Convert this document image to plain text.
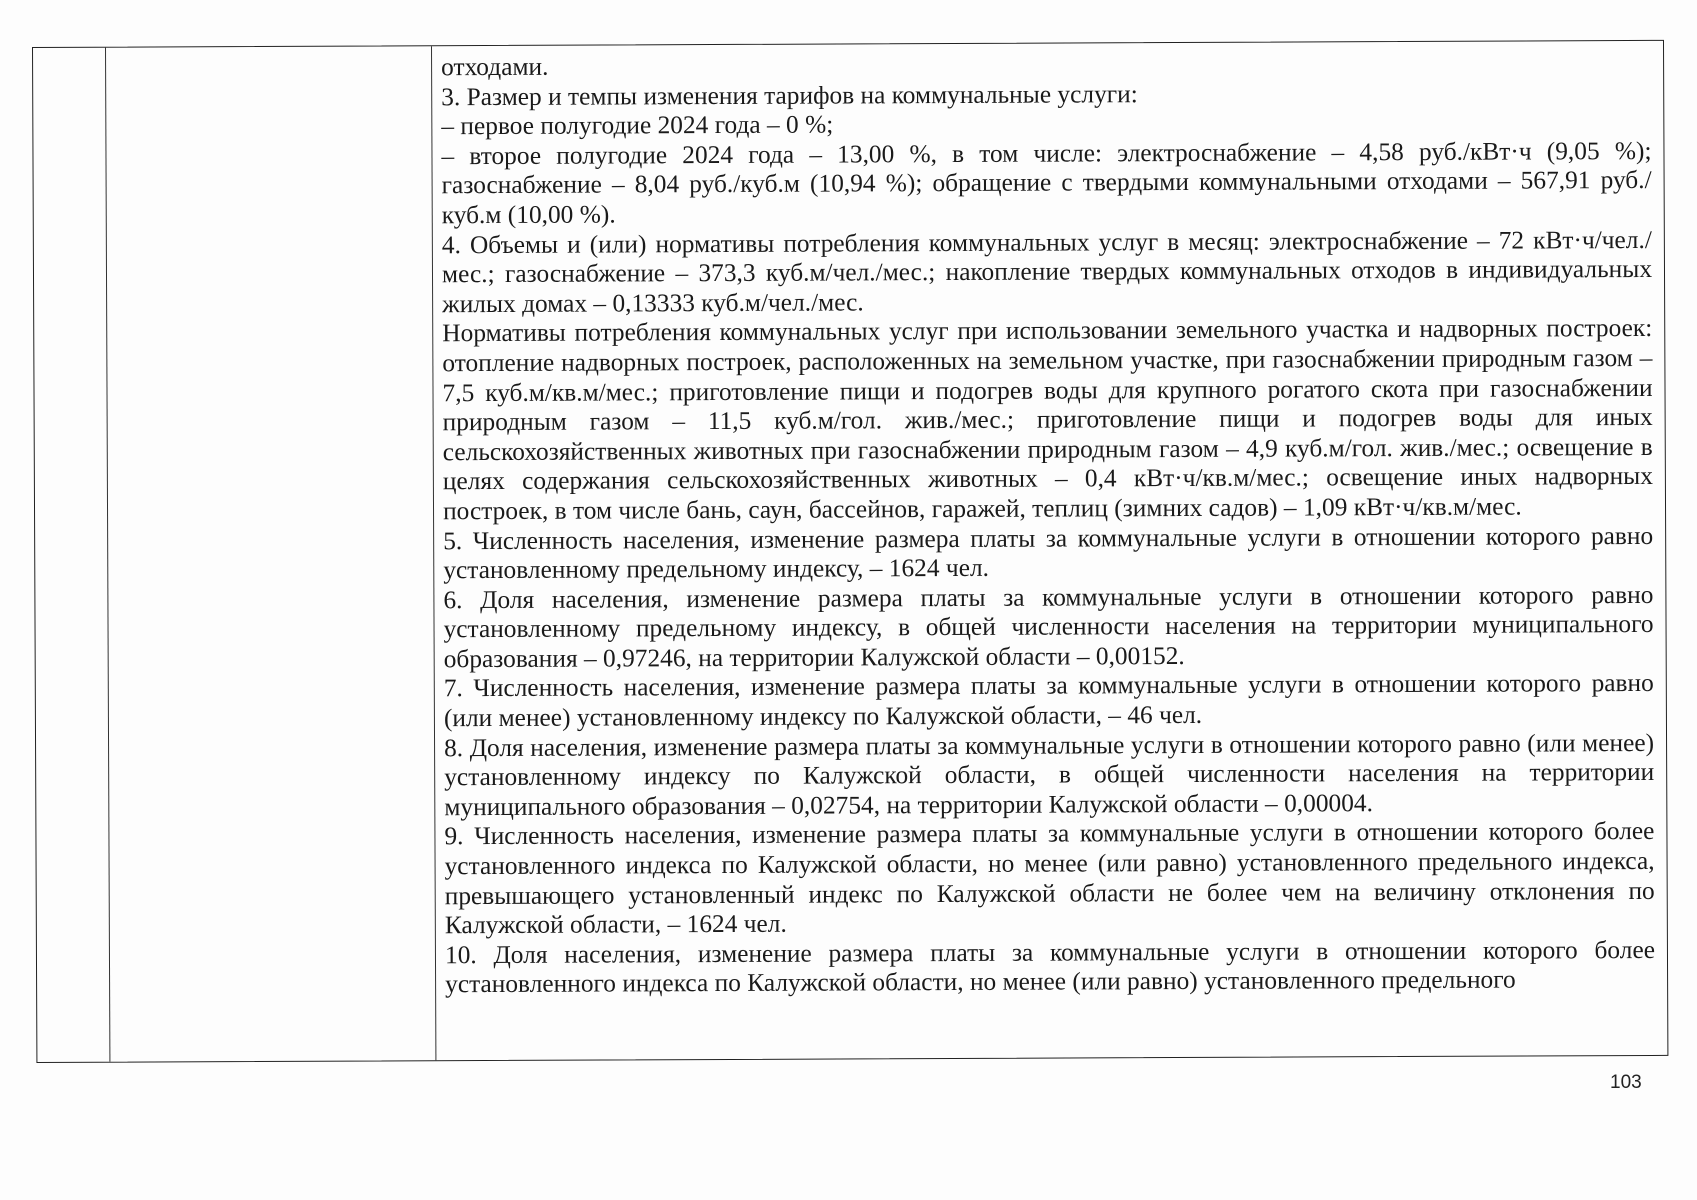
отходами.

3. Размер и темпы изменения тарифов на коммунальные услуги:

– первое полугодие 2024 года – 0 %;

– второе полугодие 2024 года – 13,00 %, в том числе: электроснабжение – 4,58 руб./кВт·ч (9,05 %); газоснабжение – 8,04 руб./куб.м (10,94 %); обращение с твердыми коммунальными отходами – 567,91 руб./куб.м (10,00 %).

4. Объемы и (или) нормативы потребления коммунальных услуг в месяц: электроснабжение – 72 кВт·ч/чел./мес.; газоснабжение – 373,3 куб.м/чел./мес.; накопление твердых коммунальных отходов в индивидуальных жилых домах – 0,13333 куб.м/чел./мес.

Нормативы потребления коммунальных услуг при использовании земельного участка и надворных построек: отопление надворных построек, расположенных на земельном участке, при газоснабжении природным газом – 7,5 куб.м/кв.м/мес.; приготовление пищи и подогрев воды для крупного рогатого скота при газоснабжении природным газом – 11,5 куб.м/гол. жив./мес.; приготовление пищи и подогрев воды для иных сельскохозяйственных животных при газоснабжении природным газом – 4,9 куб.м/гол. жив./мес.; освещение в целях содержания сельскохозяйственных животных – 0,4 кВт·ч/кв.м/мес.; освещение иных надворных построек, в том числе бань, саун, бассейнов, гаражей, теплиц (зимних садов) – 1,09 кВт·ч/кв.м/мес.

5. Численность населения, изменение размера платы за коммунальные услуги в отношении которого равно установленному предельному индексу, – 1624 чел.

6. Доля населения, изменение размера платы за коммунальные услуги в отношении которого равно установленному предельному индексу, в общей численности населения на территории муниципального образования – 0,97246, на территории Калужской области – 0,00152.

7. Численность населения, изменение размера платы за коммунальные услуги в отношении которого равно (или менее) установленному индексу по Калужской области, – 46 чел.

8. Доля населения, изменение размера платы за коммунальные услуги в отношении которого равно (или менее) установленному индексу по Калужской области, в общей численности населения на территории муниципального образования – 0,02754, на территории Калужской области – 0,00004.

9. Численность населения, изменение размера платы за коммунальные услуги в отношении которого более установленного индекса по Калужской области, но менее (или равно) установленного предельного индекса, превышающего установленный индекс по Калужской области не более чем на величину отклонения по Калужской области, – 1624 чел.

10. Доля населения, изменение размера платы за коммунальные услуги в отношении которого более установленного индекса по Калужской области, но менее (или равно) установленного предельного

103
